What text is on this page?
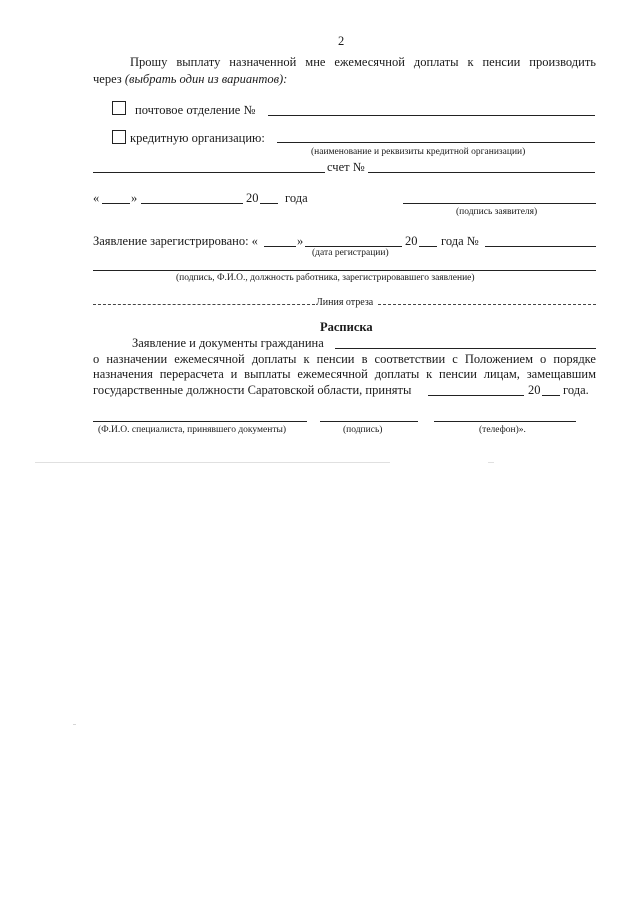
2
Прошу выплату назначенной мне ежемесячной доплаты к пенсии производить
через (выбрать один из вариантов):
почтовое отделение №
кредитную организацию:
(наименование и реквизиты кредитной организации)
счет №
«	»	20 года
(подпись заявителя)
Заявление зарегистрировано: «	»	20 года №
(дата регистрации)
(подпись, Ф.И.О., должность работника, зарегистрировавшего заявление)
Линия отреза
Расписка
Заявление и документы гражданина
о назначении ежемесячной доплаты к пенсии в соответствии с Положением о порядке
назначения перерасчета и выплаты ежемесячной доплаты к пенсии лицам, замещавшим
государственные должности Саратовской области, приняты	20 года.
(Ф.И.О. специалиста, принявшего документы)	(подпись)	(телефон)».
